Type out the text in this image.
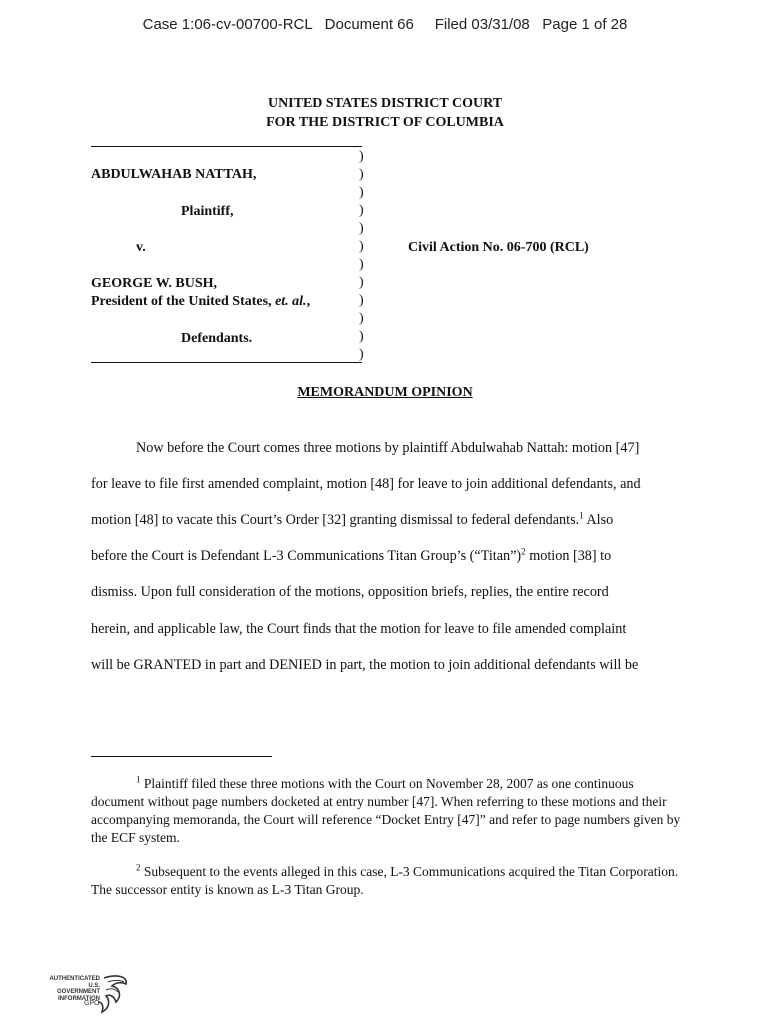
Case 1:06-cv-00700-RCL   Document 66     Filed 03/31/08   Page 1 of 28
UNITED STATES DISTRICT COURT
FOR THE DISTRICT OF COLUMBIA
)
)
)
)
)
)
)
)
)
)
)
)
ABDULWAHAB NATTAH,
Plaintiff,
v.	Civil Action No. 06-700 (RCL)
GEORGE W. BUSH,
President of the United States, et. al.,
Defendants.
MEMORANDUM OPINION
Now before the Court comes three motions by plaintiff Abdulwahab Nattah: motion [47]
for leave to file first amended complaint, motion [48] for leave to join additional defendants, and
motion [48] to vacate this Court’s Order [32] granting dismissal to federal defendants.$^1$ Also
before the Court is Defendant L-3 Communications Titan Group’s (“Titan”)$^2$ motion [38] to
dismiss. Upon full consideration of the motions, opposition briefs, replies, the entire record
herein, and applicable law, the Court finds that the motion for leave to file amended complaint
will be GRANTED in part and DENIED in part, the motion to join additional defendants will be

$^1$ Plaintiff filed these three motions with the Court on November 28, 2007 as one continuous document without page numbers docketed at entry number [47]. When referring to these motions and their accompanying memoranda, the Court will reference “Docket Entry [47]” and refer to page numbers given by the ECF system.

$^2$ Subsequent to the events alleged in this case, L-3 Communications acquired the Titan Corporation. The successor entity is known as L-3 Titan Group.

AUTHENTICATED
U.S. GOVERNMENT
INFORMATION
GPO
